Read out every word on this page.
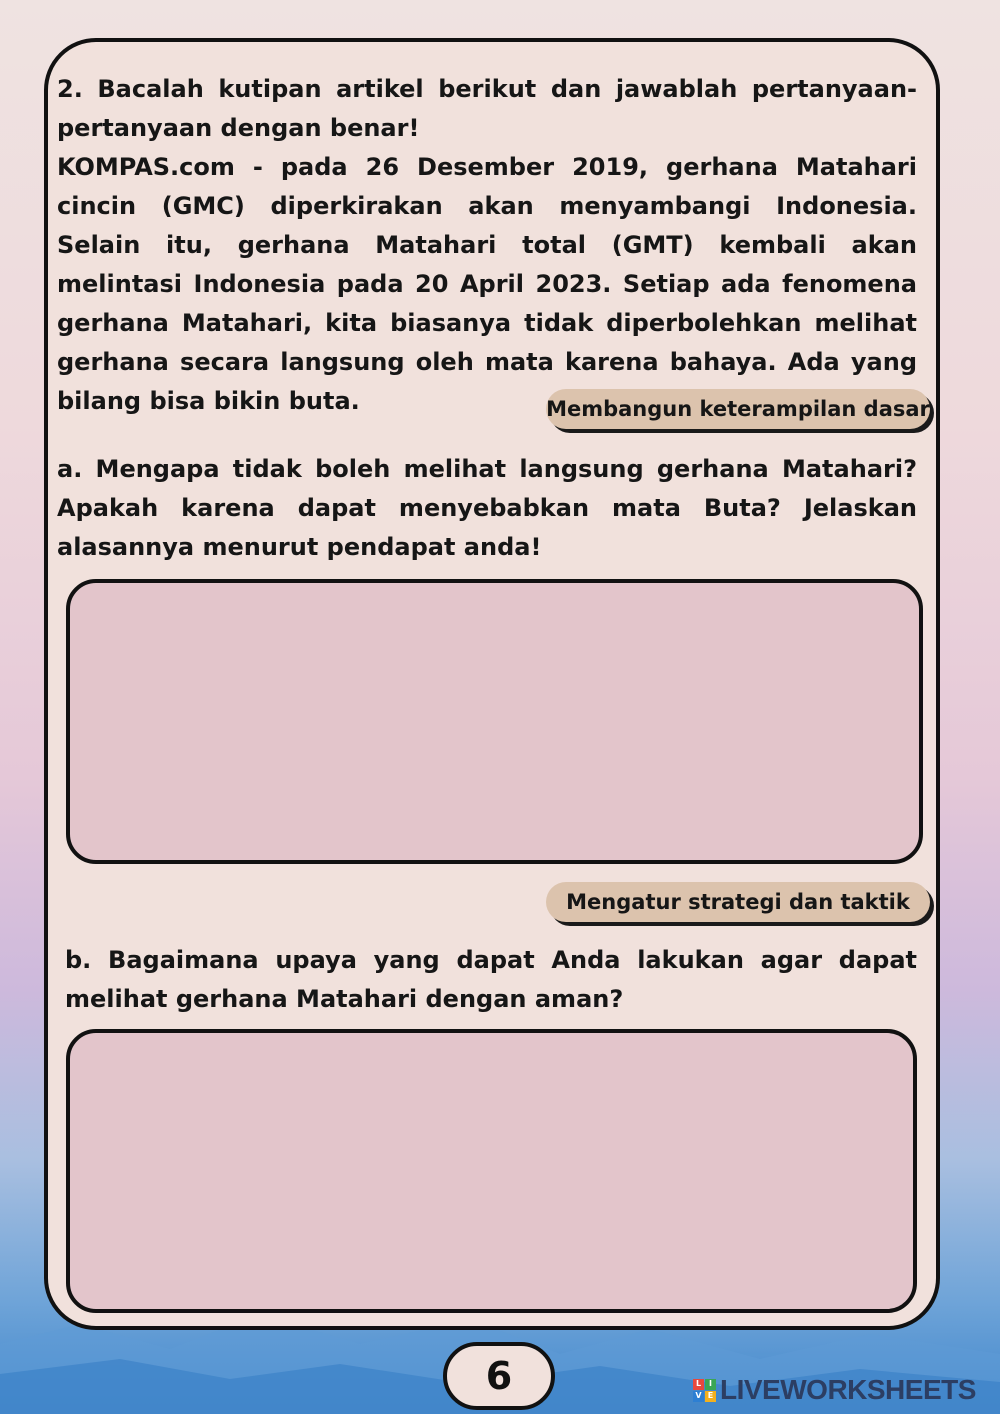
2. Bacalah kutipan artikel berikut dan jawablah pertanyaan-pertanyaan dengan benar!

KOMPAS.com - pada 26 Desember 2019, gerhana Matahari cincin (GMC) diperkirakan akan menyambangi Indonesia. Selain itu, gerhana Matahari total (GMT) kembali akan melintasi Indonesia pada 20 April 2023. Setiap ada fenomena gerhana Matahari, kita biasanya tidak diperbolehkan melihat gerhana secara langsung oleh mata karena bahaya. Ada yang bilang bisa bikin buta.	Membangun keterampilan dasar

a. Mengapa tidak boleh melihat langsung gerhana Matahari? Apakah karena dapat menyebabkan mata Buta? Jelaskan alasannya menurut pendapat anda!

Mengatur strategi dan taktik

b. Bagaimana upaya yang dapat Anda lakukan agar dapat melihat gerhana Matahari dengan aman?

6	L I
V E LIVEWORKSHEETS
